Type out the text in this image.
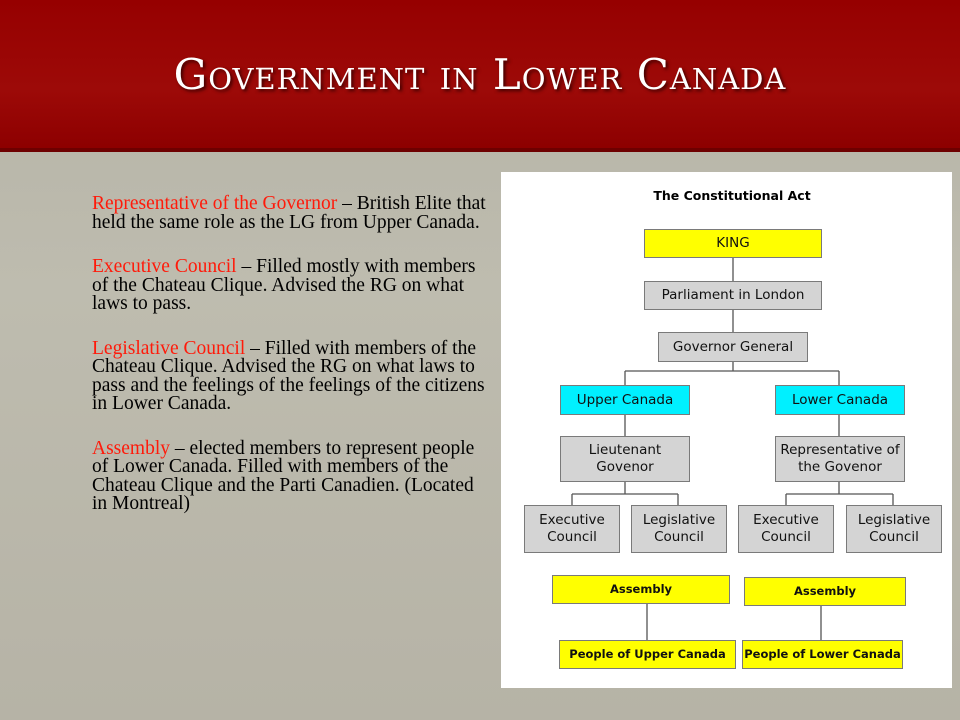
Government in Lower Canada
Representative of the Governor – British Elite that held the same role as the LG from Upper Canada.
Executive Council – Filled mostly with members of the Chateau Clique. Advised the RG on what laws to pass.
Legislative Council – Filled with members of the Chateau Clique. Advised the RG on what laws to pass and the feelings of the feelings of the citizens in Lower Canada.
Assembly – elected members to represent people of Lower Canada. Filled with members of the Chateau Clique and the Parti Canadien. (Located in Montreal)
The Constitutional Act
KING
Parliament in London
Governor General
Upper Canada	Lower Canada
Lieutenant Govenor
Representative of the Govenor
Executive Council
Legislative Council
Executive Council
Legislative Council
Assembly	Assembly
People of Upper Canada	People of Lower Canada
